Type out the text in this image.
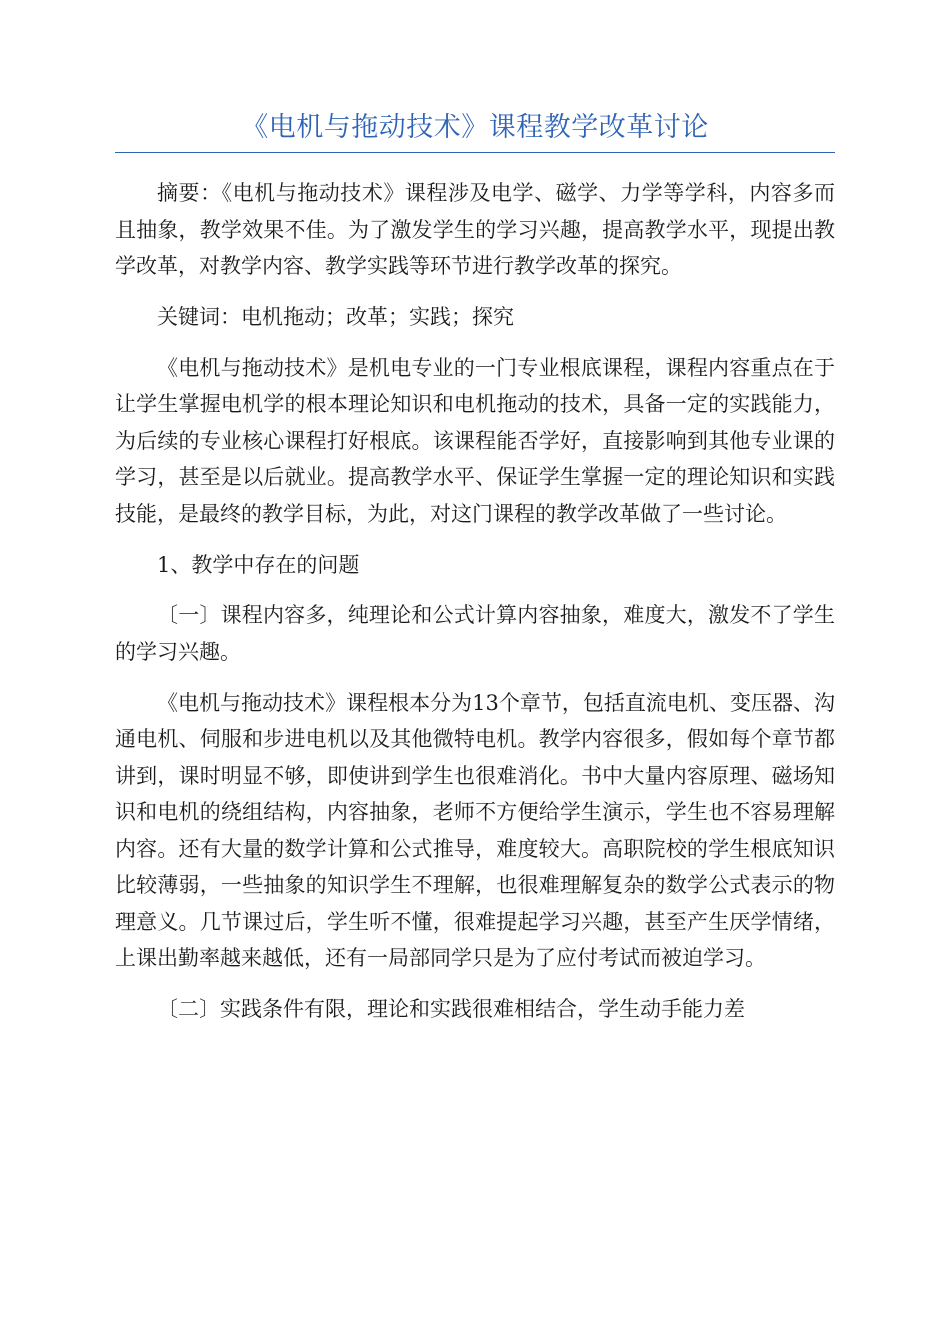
《电机与拖动技术》课程教学改革讨论

摘要：《电机与拖动技术》课程涉及电学、磁学、力学等学科，内容多而且抽象，教学效果不佳。为了激发学生的学习兴趣，提高教学水平，现提出教学改革，对教学内容、教学实践等环节进行教学改革的探究。

关键词：电机拖动；改革；实践；探究

《电机与拖动技术》是机电专业的一门专业根底课程，课程内容重点在于让学生掌握电机学的根本理论知识和电机拖动的技术，具备一定的实践能力，为后续的专业核心课程打好根底。该课程能否学好，直接影响到其他专业课的学习，甚至是以后就业。提高教学水平、保证学生掌握一定的理论知识和实践技能，是最终的教学目标，为此，对这门课程的教学改革做了一些讨论。

1、教学中存在的问题

〔一〕课程内容多，纯理论和公式计算内容抽象，难度大，激发不了学生的学习兴趣。

《电机与拖动技术》课程根本分为13个章节，包括直流电机、变压器、沟通电机、伺服和步进电机以及其他微特电机。教学内容很多，假如每个章节都讲到，课时明显不够，即使讲到学生也很难消化。书中大量内容原理、磁场知识和电机的绕组结构，内容抽象，老师不方便给学生演示，学生也不容易理解内容。还有大量的数学计算和公式推导，难度较大。高职院校的学生根底知识比较薄弱，一些抽象的知识学生不理解，也很难理解复杂的数学公式表示的物理意义。几节课过后，学生听不懂，很难提起学习兴趣，甚至产生厌学情绪，上课出勤率越来越低，还有一局部同学只是为了应付考试而被迫学习。

〔二〕实践条件有限，理论和实践很难相结合，学生动手能力差
